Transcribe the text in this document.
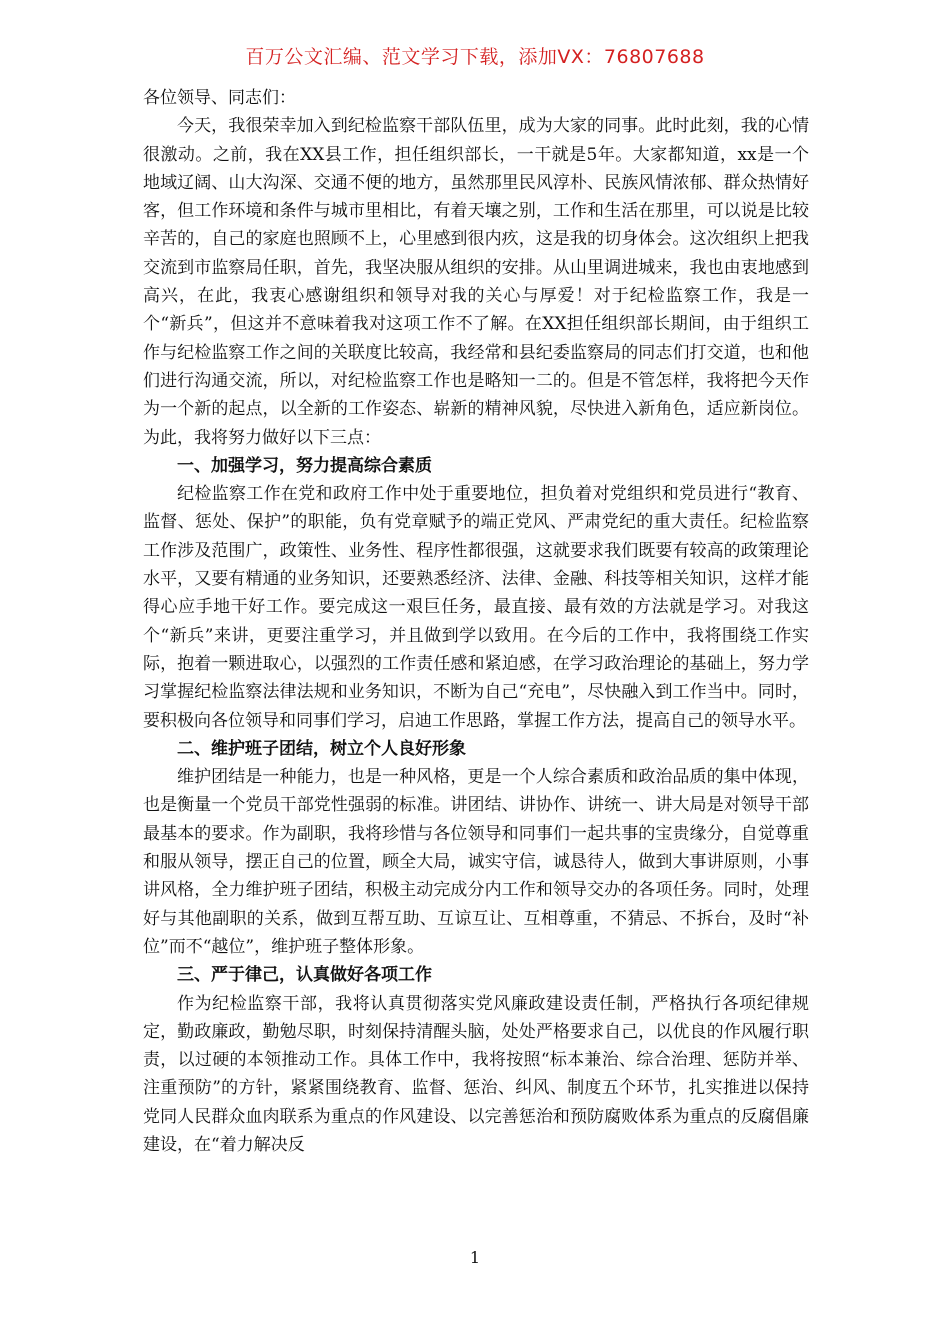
百万公文汇编、范文学习下载，添加VX：76807688

各位领导、同志们：

今天，我很荣幸加入到纪检监察干部队伍里，成为大家的同事。此时此刻，我的心情很激动。之前，我在XX县工作，担任组织部长，一干就是5年。大家都知道，xx是一个地域辽阔、山大沟深、交通不便的地方，虽然那里民风淳朴、民族风情浓郁、群众热情好客，但工作环境和条件与城市里相比，有着天壤之别，工作和生活在那里，可以说是比较辛苦的，自己的家庭也照顾不上，心里感到很内疚，这是我的切身体会。这次组织上把我交流到市监察局任职，首先，我坚决服从组织的安排。从山里调进城来，我也由衷地感到高兴，在此，我衷心感谢组织和领导对我的关心与厚爱！对于纪检监察工作，我是一个“新兵”，但这并不意味着我对这项工作不了解。在XX担任组织部长期间，由于组织工作与纪检监察工作之间的关联度比较高，我经常和县纪委监察局的同志们打交道，也和他们进行沟通交流，所以，对纪检监察工作也是略知一二的。但是不管怎样，我将把今天作为一个新的起点，以全新的工作姿态、崭新的精神风貌，尽快进入新角色，适应新岗位。为此，我将努力做好以下三点：

一、加强学习，努力提高综合素质

纪检监察工作在党和政府工作中处于重要地位，担负着对党组织和党员进行“教育、监督、惩处、保护”的职能，负有党章赋予的端正党风、严肃党纪的重大责任。纪检监察工作涉及范围广，政策性、业务性、程序性都很强，这就要求我们既要有较高的政策理论水平，又要有精通的业务知识，还要熟悉经济、法律、金融、科技等相关知识，这样才能得心应手地干好工作。要完成这一艰巨任务，最直接、最有效的方法就是学习。对我这个“新兵”来讲，更要注重学习，并且做到学以致用。在今后的工作中，我将围绕工作实际，抱着一颗进取心，以强烈的工作责任感和紧迫感，在学习政治理论的基础上，努力学习掌握纪检监察法律法规和业务知识，不断为自己“充电”，尽快融入到工作当中。同时，要积极向各位领导和同事们学习，启迪工作思路，掌握工作方法，提高自己的领导水平。

二、维护班子团结，树立个人良好形象

维护团结是一种能力，也是一种风格，更是一个人综合素质和政治品质的集中体现，也是衡量一个党员干部党性强弱的标准。讲团结、讲协作、讲统一、讲大局是对领导干部最基本的要求。作为副职，我将珍惜与各位领导和同事们一起共事的宝贵缘分，自觉尊重和服从领导，摆正自己的位置，顾全大局，诚实守信，诚恳待人，做到大事讲原则，小事讲风格，全力维护班子团结，积极主动完成分内工作和领导交办的各项任务。同时，处理好与其他副职的关系，做到互帮互助、互谅互让、互相尊重，不猜忌、不拆台，及时“补位”而不“越位”，维护班子整体形象。

三、严于律己，认真做好各项工作

作为纪检监察干部，我将认真贯彻落实党风廉政建设责任制，严格执行各项纪律规定，勤政廉政，勤勉尽职，时刻保持清醒头脑，处处严格要求自己，以优良的作风履行职责，以过硬的本领推动工作。具体工作中，我将按照“标本兼治、综合治理、惩防并举、注重预防”的方针，紧紧围绕教育、监督、惩治、纠风、制度五个环节，扎实推进以保持党同人民群众血肉联系为重点的作风建设、以完善惩治和预防腐败体系为重点的反腐倡廉建设，在“着力解决反

1
